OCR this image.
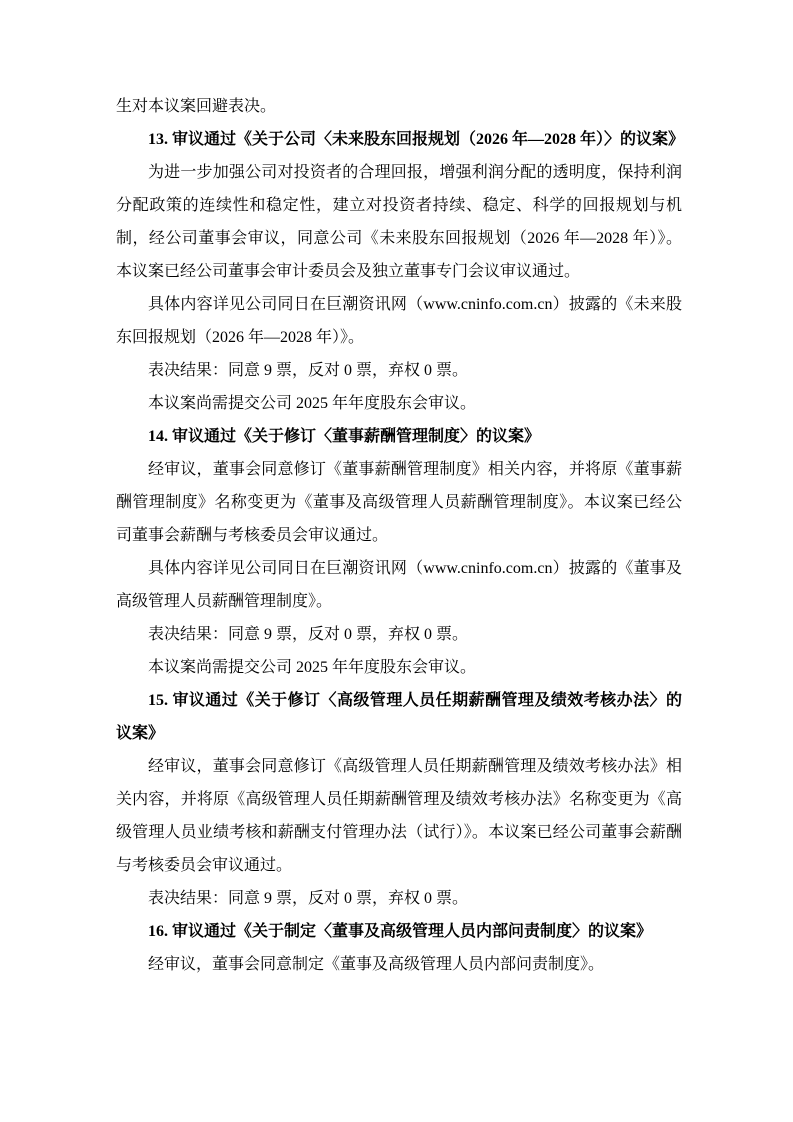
生对本议案回避表决。

13. 审议通过《关于公司〈未来股东回报规划（2026 年—2028 年）〉的议案》

为进一步加强公司对投资者的合理回报，增强利润分配的透明度，保持利润分配政策的连续性和稳定性，建立对投资者持续、稳定、科学的回报规划与机制，经公司董事会审议，同意公司《未来股东回报规划（2026 年—2028 年）》。本议案已经公司董事会审计委员会及独立董事专门会议审议通过。

具体内容详见公司同日在巨潮资讯网（www.cninfo.com.cn）披露的《未来股东回报规划（2026 年—2028 年）》。

表决结果：同意 9 票，反对 0 票，弃权 0 票。

本议案尚需提交公司 2025 年年度股东会审议。

14. 审议通过《关于修订〈董事薪酬管理制度〉的议案》

经审议，董事会同意修订《董事薪酬管理制度》相关内容，并将原《董事薪酬管理制度》名称变更为《董事及高级管理人员薪酬管理制度》。本议案已经公司董事会薪酬与考核委员会审议通过。

具体内容详见公司同日在巨潮资讯网（www.cninfo.com.cn）披露的《董事及高级管理人员薪酬管理制度》。

表决结果：同意 9 票，反对 0 票，弃权 0 票。

本议案尚需提交公司 2025 年年度股东会审议。

15. 审议通过《关于修订〈高级管理人员任期薪酬管理及绩效考核办法〉的议案》

经审议，董事会同意修订《高级管理人员任期薪酬管理及绩效考核办法》相关内容，并将原《高级管理人员任期薪酬管理及绩效考核办法》名称变更为《高级管理人员业绩考核和薪酬支付管理办法（试行）》。本议案已经公司董事会薪酬与考核委员会审议通过。

表决结果：同意 9 票，反对 0 票，弃权 0 票。

16. 审议通过《关于制定〈董事及高级管理人员内部问责制度〉的议案》

经审议，董事会同意制定《董事及高级管理人员内部问责制度》。
